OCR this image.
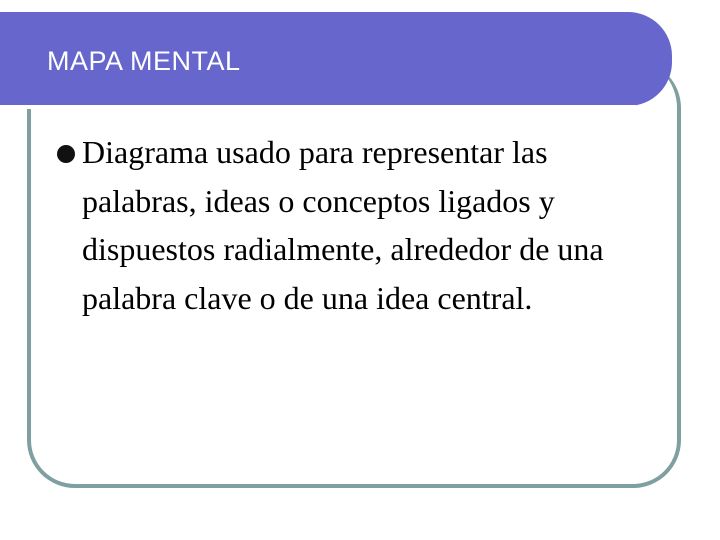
MAPA MENTAL
Diagrama usado para representar las palabras, ideas o conceptos ligados y dispuestos radialmente, alrededor de una palabra clave o de una idea central.
